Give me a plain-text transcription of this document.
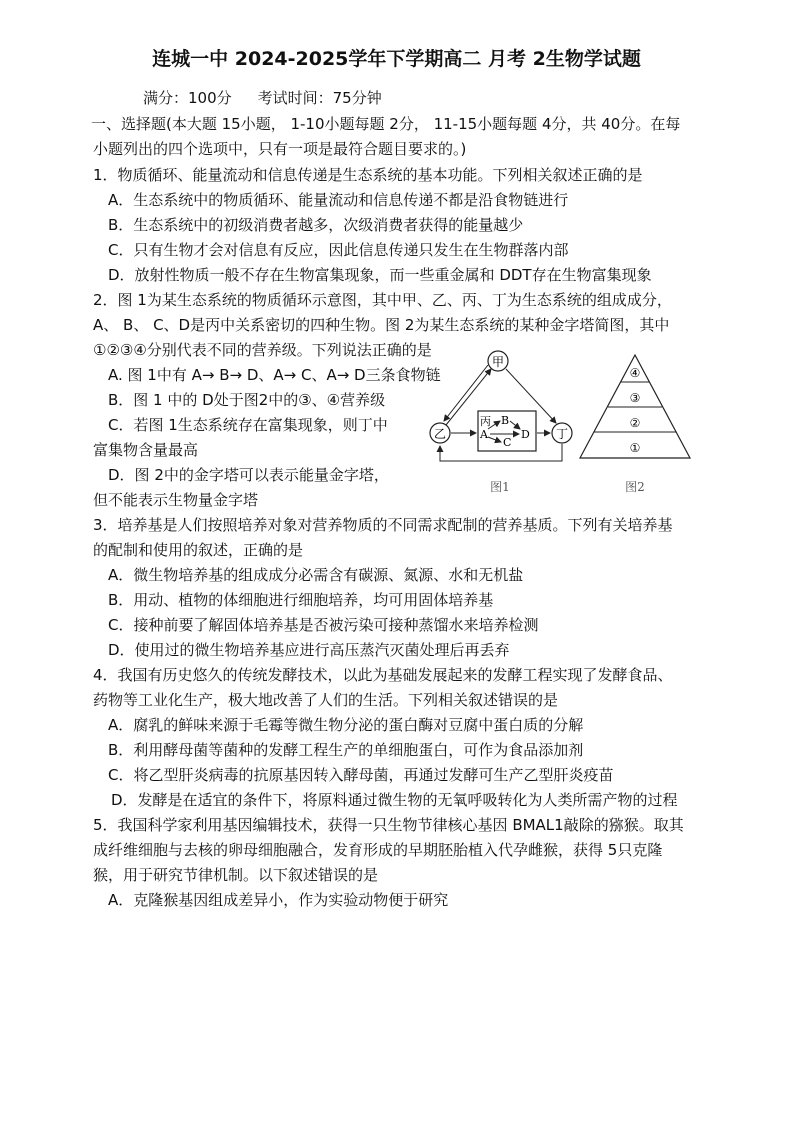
连城一中 2024-2025学年下学期高二 月考 2生物学试题
满分：100分 考试时间：75分钟
一、选择题(本大题 15小题， 1-10小题每题 2分， 11-15小题每题 4分，共 40分。在每
小题列出的四个选项中，只有一项是最符合题目要求的。)
1．物质循环、能量流动和信息传递是生态系统的基本功能。下列相关叙述正确的是
A．生态系统中的物质循环、能量流动和信息传递不都是沿食物链进行
B．生态系统中的初级消费者越多，次级消费者获得的能量越少
C．只有生物才会对信息有反应，因此信息传递只发生在生物群落内部
D．放射性物质一般不存在生物富集现象，而一些重金属和 DDT存在生物富集现象
2．图 1为某生态系统的物质循环示意图，其中甲、乙、丙、丁为生态系统的组成成分，
A、 B、 C、D是丙中关系密切的四种生物。图 2为某生态系统的某种金字塔简图，其中
①②③④分别代表不同的营养级。下列说法正确的是
A. 图 1中有 A→ B→ D、A→ C、A→ D三条食物链
B．图 1 中的 D处于图2中的③、④营养级
C．若图 1生态系统存在富集现象，则丁中
富集物含量最高
D．图 2中的金字塔可以表示能量金字塔，
但不能表示生物量金字塔
甲
乙	丁
丙
A
B
C
D
图1
④
③
②
①
图2
3．培养基是人们按照培养对象对营养物质的不同需求配制的营养基质。下列有关培养基
的配制和使用的叙述，正确的是
A．微生物培养基的组成成分必需含有碳源、氮源、水和无机盐
B．用动、植物的体细胞进行细胞培养，均可用固体培养基
C．接种前要了解固体培养基是否被污染可接种蒸馏水来培养检测
D．使用过的微生物培养基应进行高压蒸汽灭菌处理后再丢弃
4．我国有历史悠久的传统发酵技术，以此为基础发展起来的发酵工程实现了发酵食品、
药物等工业化生产，极大地改善了人们的生活。下列相关叙述错误的是
A．腐乳的鲜味来源于毛霉等微生物分泌的蛋白酶对豆腐中蛋白质的分解
B．利用酵母菌等菌种的发酵工程生产的单细胞蛋白，可作为食品添加剂
C．将乙型肝炎病毒的抗原基因转入酵母菌，再通过发酵可生产乙型肝炎疫苗
D．发酵是在适宜的条件下，将原料通过微生物的无氧呼吸转化为人类所需产物的过程
5．我国科学家利用基因编辑技术，获得一只生物节律核心基因 BMAL1敲除的猕猴。取其
成纤维细胞与去核的卵母细胞融合，发育形成的早期胚胎植入代孕雌猴，获得 5只克隆
猴，用于研究节律机制。以下叙述错误的是
A．克隆猴基因组成差异小，作为实验动物便于研究
